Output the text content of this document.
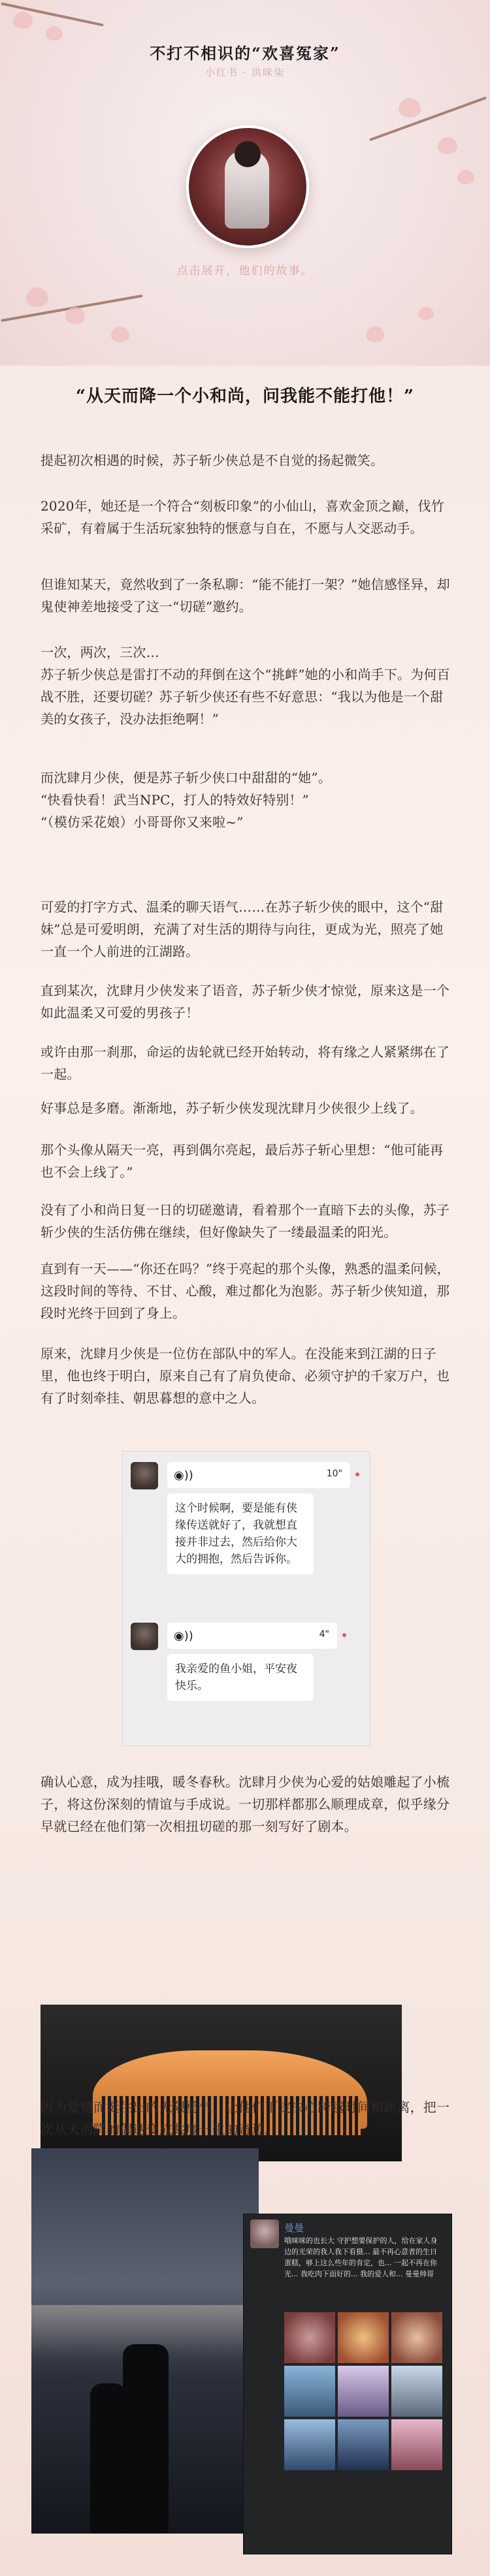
不打不相识的“欢喜冤家”
小红书 · 洪咪柒
点击展开，他们的故事。
“从天而降一个小和尚，问我能不能打他！”
提起初次相遇的时候，苏子斩少侠总是不自觉的扬起微笑。
2020年，她还是一个符合“刻板印象”的小仙山，喜欢金顶之巅，伐竹采矿，有着属于生活玩家独特的惬意与自在，不愿与人交恶动手。
但谁知某天，竟然收到了一条私聊：“能不能打一架？”她信感怪异，却鬼使神差地接受了这一“切磋”邀约。
一次，两次，三次…
苏子斩少侠总是雷打不动的拜倒在这个“挑衅”她的小和尚手下。为何百战不胜，还要切磋？苏子斩少侠还有些不好意思：“我以为他是一个甜美的女孩子，没办法拒绝啊！”
而沈肆月少侠，便是苏子斩少侠口中甜甜的“她”。
“快看快看！武当NPC，打人的特效好特别！”
“（模仿采花娘）小哥哥你又来啦~”
可爱的打字方式、温柔的聊天语气……在苏子斩少侠的眼中，这个“甜妹”总是可爱明朗，充满了对生活的期待与向往，更成为光，照亮了她一直一个人前进的江湖路。
直到某次，沈肆月少侠发来了语音，苏子斩少侠才惊觉，原来这是一个如此温柔又可爱的男孩子！
或许由那一刹那，命运的齿轮就已经开始转动，将有缘之人紧紧绑在了一起。
好事总是多磨。渐渐地，苏子斩少侠发现沈肆月少侠很少上线了。
那个头像从隔天一亮，再到偶尔亮起，最后苏子斩心里想：“他可能再也不会上线了。”
没有了小和尚日复一日的切磋邀请，看着那个一直暗下去的头像，苏子斩少侠的生活仿佛在继续，但好像缺失了一缕最温柔的阳光。
直到有一天——“你还在吗？”终于亮起的那个头像，熟悉的温柔问候，这段时间的等待、不甘、心酸，难过都化为泡影。苏子斩少侠知道，那段时光终于回到了身上。
原来，沈肆月少侠是一位仿在部队中的军人。在没能来到江湖的日子里，他也终于明白，原来自己有了肩负使命、必须守护的千家万户，也有了时刻牵挂、朝思暮想的意中之人。
◉))	10"
这个时候啊，要是能有侠缘传送就好了，我就想直接并非过去，然后给你大大的拥抱，然后告诉你。
◉))	4"
我亲爱的鱼小姐，平安夜快乐。
确认心意，成为挂哦，暖冬春秋。沈肆月少侠为心爱的姑娘雕起了小梳子，将这份深刻的情谊与手成说。一切那样都那么顺理成章，似乎缘分早就已经在他们第一次相扭切磋的那一刻写好了剧本。
因为爱情而诞生出的无限勇气，让他们下定决心跨越时间和距离，把一次从天而降的偶遇变成共度一生的奇迹。
曼曼
哦咪咪的也长大 守护想要保护的人，给在家人身边的光荣的我人我下看摄... 最不再心意者的生日蛋糕，够上这么些年的肯定，也... 一起不再在你光... 我吃肉下面好的... 我的爱人和... 曼曼帅哥
